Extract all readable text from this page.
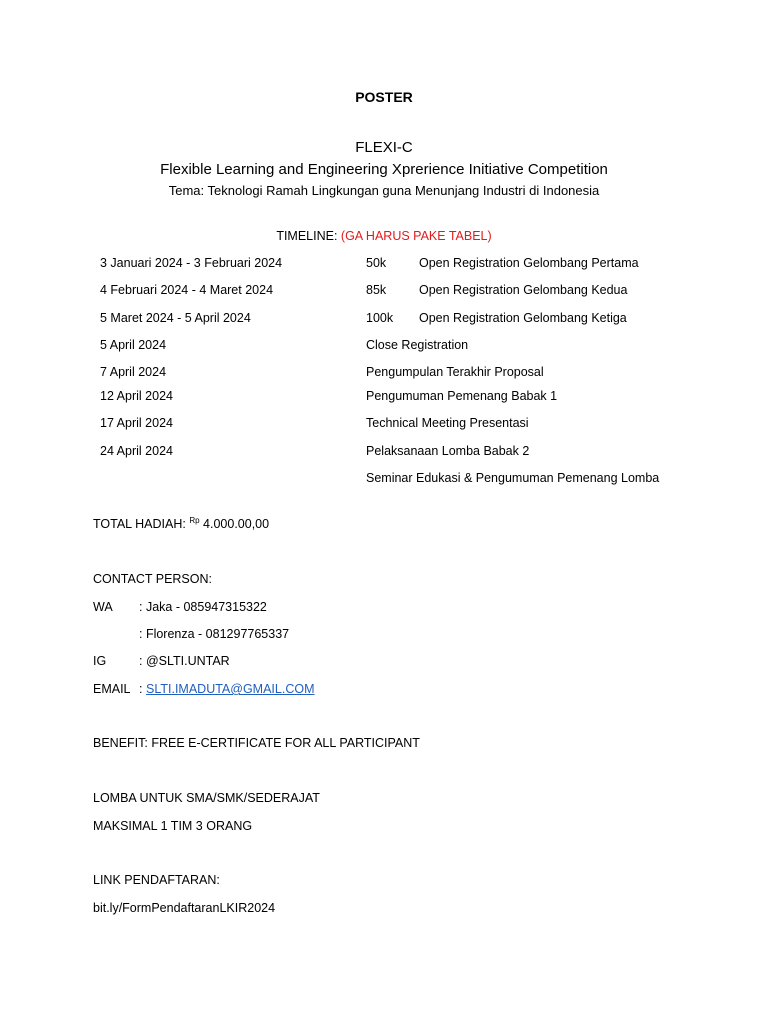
POSTER
FLEXI-C
Flexible Learning and Engineering Xprerience Initiative Competition
Tema: Teknologi Ramah Lingkungan guna Menunjang Industri di Indonesia
TIMELINE: (GA HARUS PAKE TABEL)
3 Januari 2024 - 3 Februari 2024
4 Februari 2024 - 4 Maret 2024
5 Maret 2024 - 5 April 2024
5 April 2024
7 April 2024
12 April 2024
17 April 2024
24 April 2024
50k
85k
100k
Open Registration Gelombang Pertama
Open Registration Gelombang Kedua
Open Registration Gelombang Ketiga
Close Registration
Pengumpulan Terakhir Proposal
Pengumuman Pemenang Babak 1
Technical Meeting Presentasi
Pelaksanaan Lomba Babak 2
Seminar Edukasi & Pengumuman Pemenang Lomba
TOTAL HADIAH: $^{Rp}$ 4.000.00,00
CONTACT PERSON:
WA : Jaka - 085947315322
: Florenza - 081297765337
IG	: @SLTI.UNTAR
EMAIL : SLTI.IMADUTA@GMAIL.COM
BENEFIT: FREE E-CERTIFICATE FOR ALL PARTICIPANT
LOMBA UNTUK SMA/SMK/SEDERAJAT
MAKSIMAL 1 TIM 3 ORANG
LINK PENDAFTARAN:
bit.ly/FormPendaftaranLKIR2024
